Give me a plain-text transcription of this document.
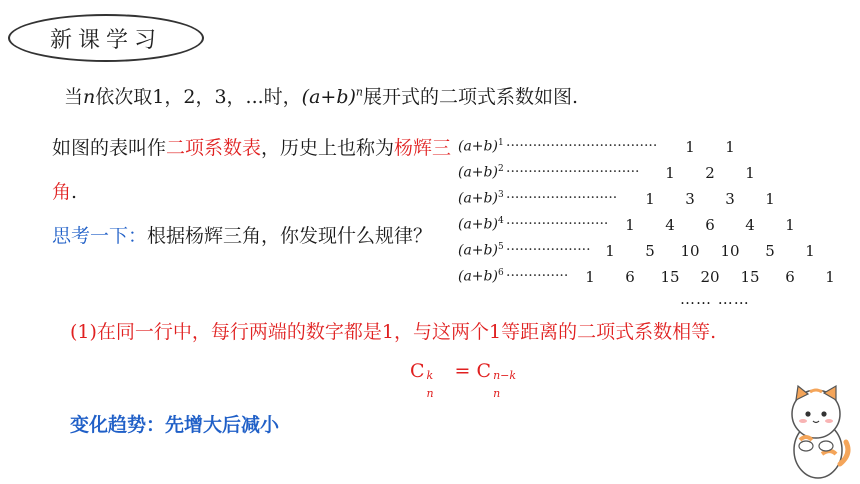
新课学习
当n依次取1，2，3，...时，$(a+b)^n$展开式的二项式系数如图.
如图的表叫作二项系数表，历史上也称为杨辉三角.
思考一下：根据杨辉三角，你发现什么规律？
$(a+b)^1$ ·································· 1 1
$(a+b)^2$ ······························ 1 2 1
$(a+b)^3$ ························· 1 3 3 1
$(a+b)^4$ ······················· 1 4 6 4 1
$(a+b)^5$ ··················· 1 5 10 10 5 1
$(a+b)^6$ ·············· 1 6 15 20 15 6 1
…… ……
(1)在同一行中，每行两端的数字都是1，与这两个1等距离的二项式系数相等.
C k
n
= C n−k
n
变化趋势：先增大后减小
